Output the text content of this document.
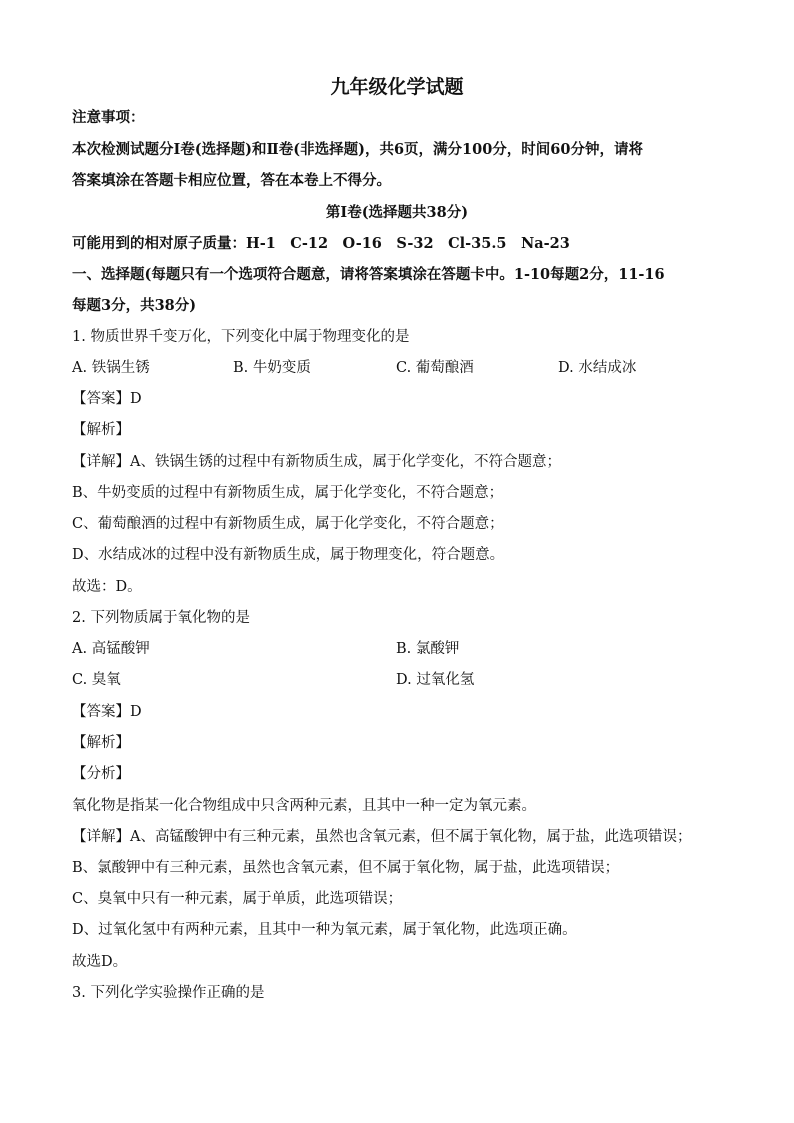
九年级化学试题
注意事项：
本次检测试题分Ⅰ卷(选择题)和Ⅱ卷(非选择题)，共6页，满分100分，时间60分钟，请将
答案填涂在答题卡相应位置，答在本卷上不得分。
第Ⅰ卷(选择题共38分)
可能用到的相对原子质量：H-1　C-12　O-16　S-32　Cl-35.5　Na-23
一、选择题(每题只有一个选项符合题意，请将答案填涂在答题卡中。1-10每题2分，11-16
每题3分，共38分)
1. 物质世界千变万化，下列变化中属于物理变化的是
A. 铁锅生锈	B. 牛奶变质	C. 葡萄酿酒	D. 水结成冰
【答案】D
【解析】
【详解】A、铁锅生锈的过程中有新物质生成，属于化学变化，不符合题意；
B、牛奶变质的过程中有新物质生成，属于化学变化，不符合题意；
C、葡萄酿酒的过程中有新物质生成，属于化学变化，不符合题意；
D、水结成冰的过程中没有新物质生成，属于物理变化，符合题意。
故选：D。
2. 下列物质属于氧化物的是
A. 高锰酸钾	B. 氯酸钾
C. 臭氧	D. 过氧化氢
【答案】D
【解析】
【分析】
氧化物是指某一化合物组成中只含两种元素，且其中一种一定为氧元素。
【详解】A、高锰酸钾中有三种元素，虽然也含氧元素，但不属于氧化物，属于盐，此选项错误；
B、氯酸钾中有三种元素，虽然也含氧元素，但不属于氧化物，属于盐，此选项错误；
C、臭氧中只有一种元素，属于单质，此选项错误；
D、过氧化氢中有两种元素，且其中一种为氧元素，属于氧化物，此选项正确。
故选D。
3. 下列化学实验操作正确的是
